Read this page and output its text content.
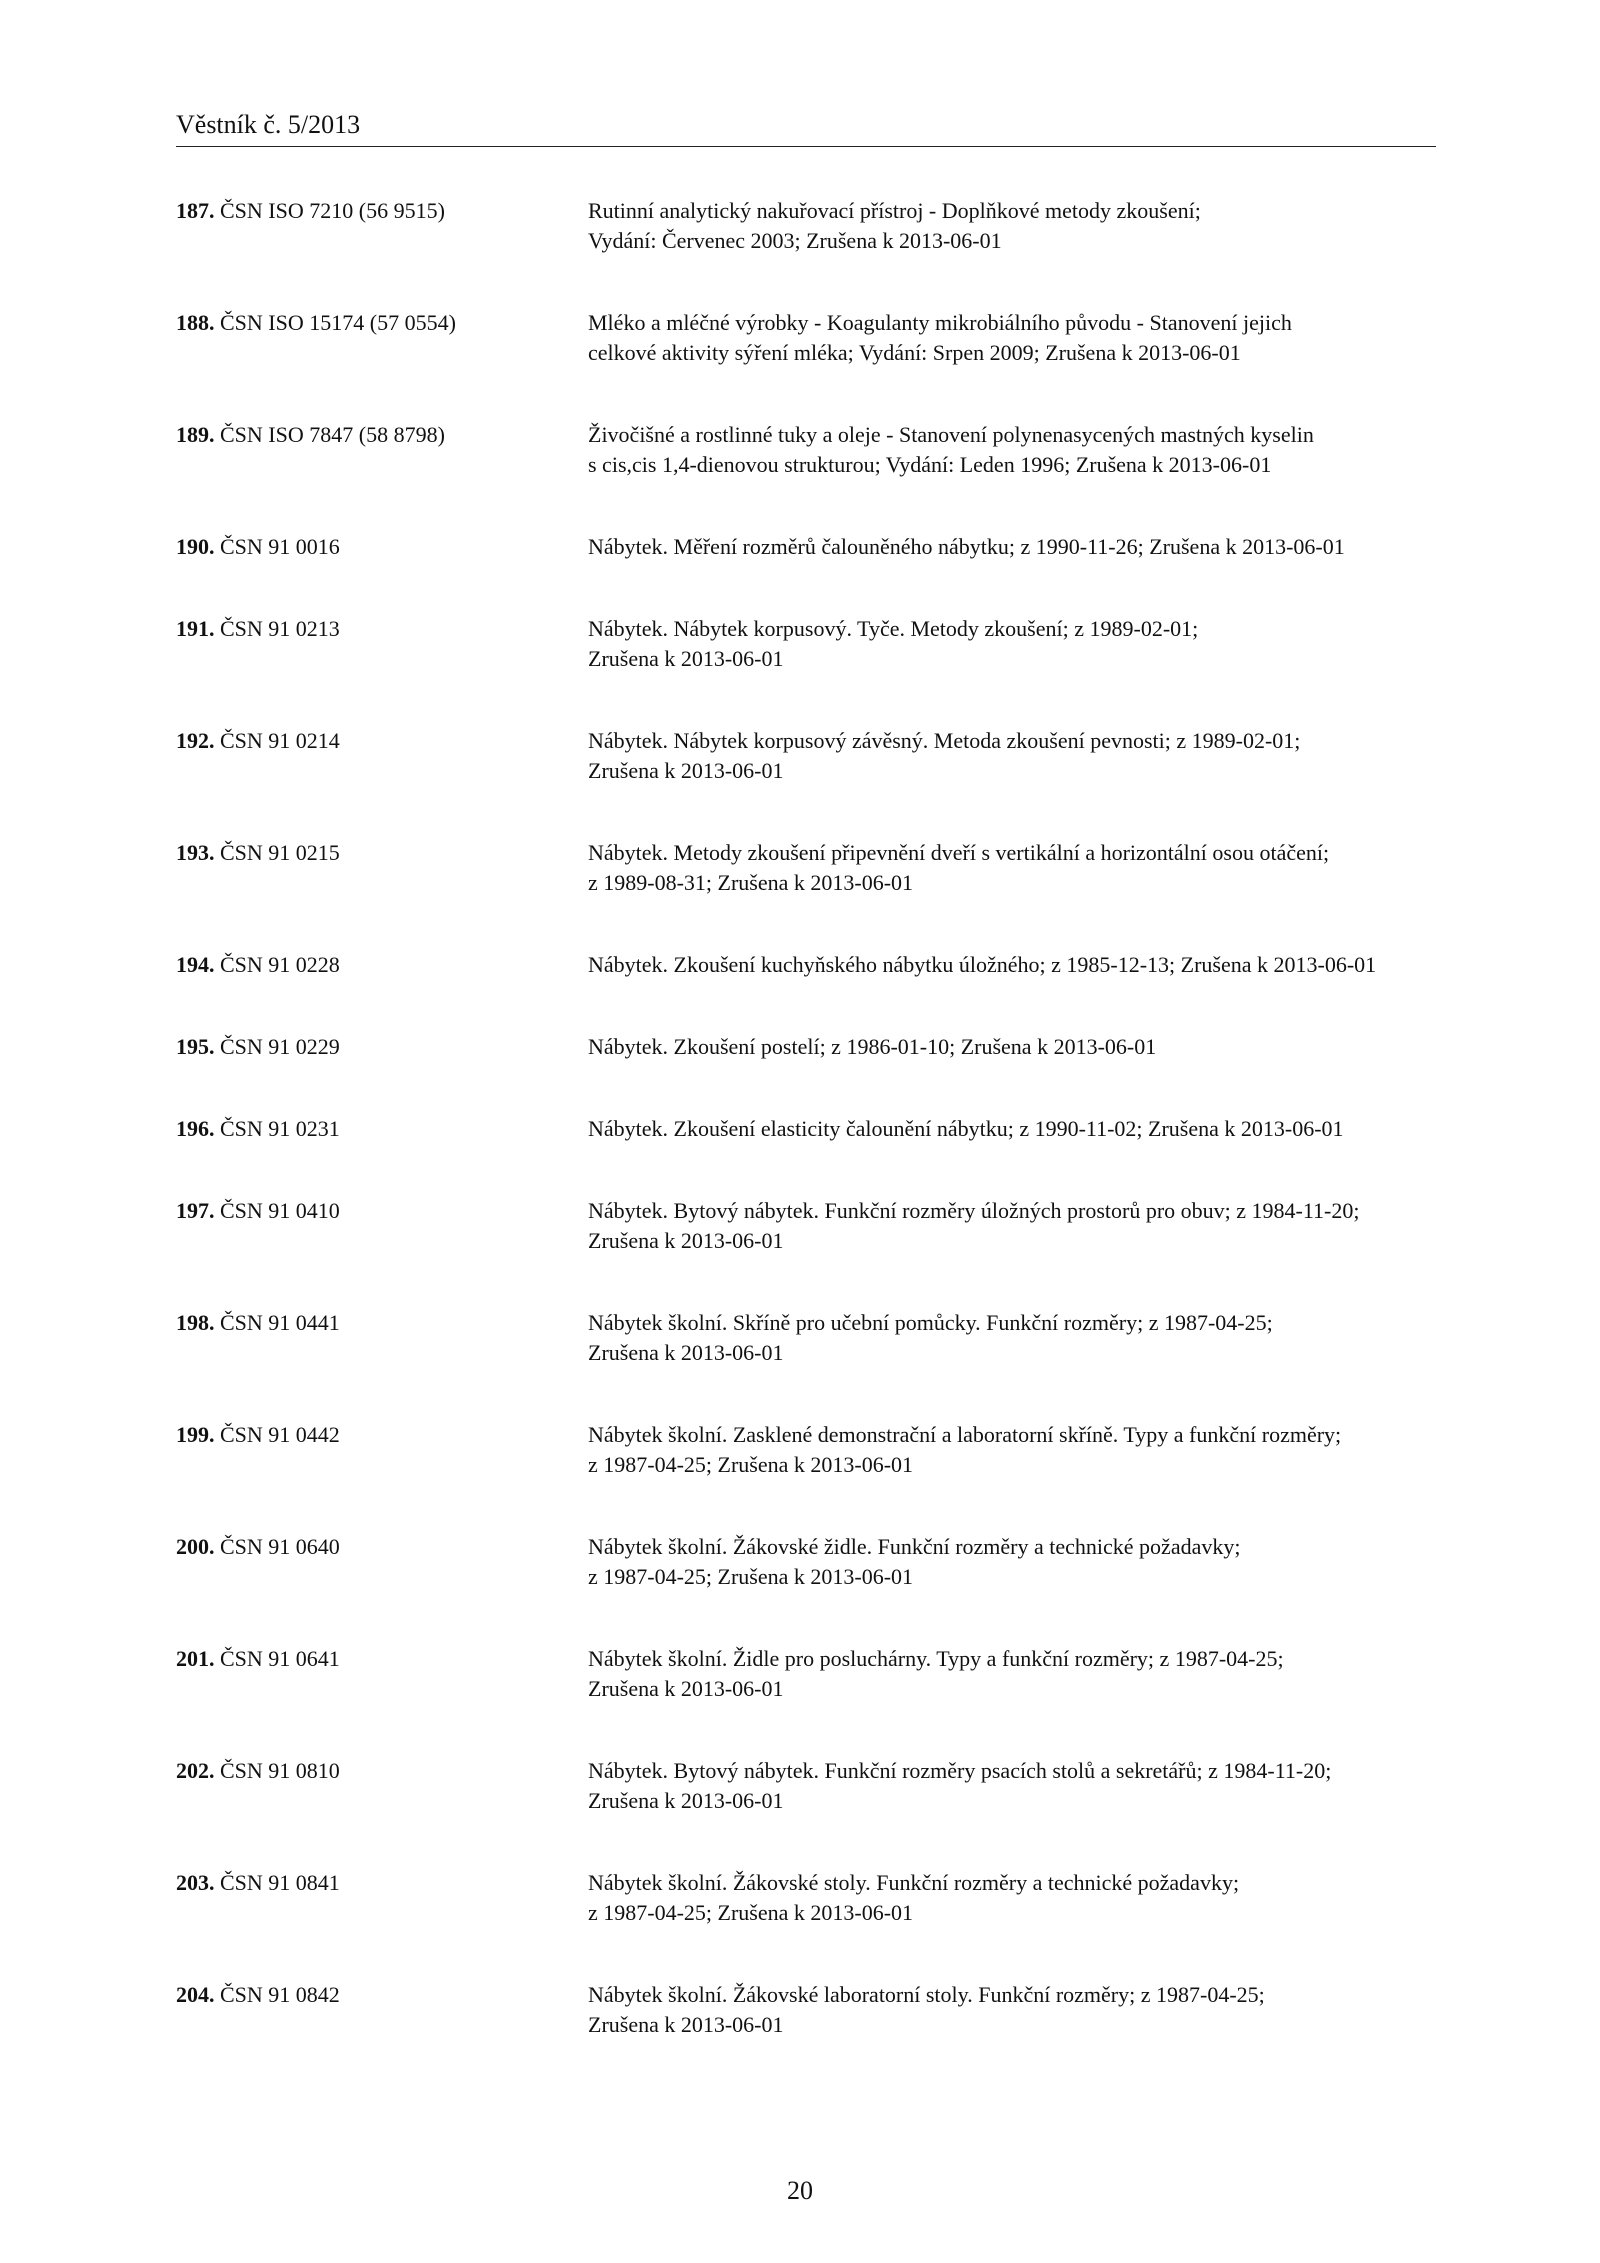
Věstník č. 5/2013
187. ČSN ISO 7210 (56 9515)	Rutinní analytický nakuřovací přístroj - Doplňkové metody zkoušení;
Vydání: Červenec 2003; Zrušena k 2013-06-01
188. ČSN ISO 15174 (57 0554)	Mléko a mléčné výrobky - Koagulanty mikrobiálního původu - Stanovení jejich
celkové aktivity sýření mléka; Vydání: Srpen 2009; Zrušena k 2013-06-01
189. ČSN ISO 7847 (58 8798)	Živočišné a rostlinné tuky a oleje - Stanovení polynenasycených mastných kyselin
s cis,cis 1,4-dienovou strukturou; Vydání: Leden 1996; Zrušena k 2013-06-01
190. ČSN 91 0016	Nábytek. Měření rozměrů čalouněného nábytku; z 1990-11-26; Zrušena k 2013-06-01
191. ČSN 91 0213	Nábytek. Nábytek korpusový. Tyče. Metody zkoušení; z 1989-02-01;
Zrušena k 2013-06-01
192. ČSN 91 0214	Nábytek. Nábytek korpusový závěsný. Metoda zkoušení pevnosti; z 1989-02-01;
Zrušena k 2013-06-01
193. ČSN 91 0215	Nábytek. Metody zkoušení připevnění dveří s vertikální a horizontální osou otáčení;
z 1989-08-31; Zrušena k 2013-06-01
194. ČSN 91 0228	Nábytek. Zkoušení kuchyňského nábytku úložného; z 1985-12-13; Zrušena k 2013-06-01
195. ČSN 91 0229	Nábytek. Zkoušení postelí; z 1986-01-10; Zrušena k 2013-06-01
196. ČSN 91 0231	Nábytek. Zkoušení elasticity čalounění nábytku; z 1990-11-02; Zrušena k 2013-06-01
197. ČSN 91 0410	Nábytek. Bytový nábytek. Funkční rozměry úložných prostorů pro obuv; z 1984-11-20;
Zrušena k 2013-06-01
198. ČSN 91 0441	Nábytek školní. Skříně pro učební pomůcky. Funkční rozměry; z 1987-04-25;
Zrušena k 2013-06-01
199. ČSN 91 0442	Nábytek školní. Zasklené demonstrační a laboratorní skříně. Typy a funkční rozměry;
z 1987-04-25; Zrušena k 2013-06-01
200. ČSN 91 0640	Nábytek školní. Žákovské židle. Funkční rozměry a technické požadavky;
z 1987-04-25; Zrušena k 2013-06-01
201. ČSN 91 0641	Nábytek školní. Židle pro posluchárny. Typy a funkční rozměry; z 1987-04-25;
Zrušena k 2013-06-01
202. ČSN 91 0810	Nábytek. Bytový nábytek. Funkční rozměry psacích stolů a sekretářů; z 1984-11-20;
Zrušena k 2013-06-01
203. ČSN 91 0841	Nábytek školní. Žákovské stoly. Funkční rozměry a technické požadavky;
z 1987-04-25; Zrušena k 2013-06-01
204. ČSN 91 0842	Nábytek školní. Žákovské laboratorní stoly. Funkční rozměry; z 1987-04-25;
Zrušena k 2013-06-01
20
